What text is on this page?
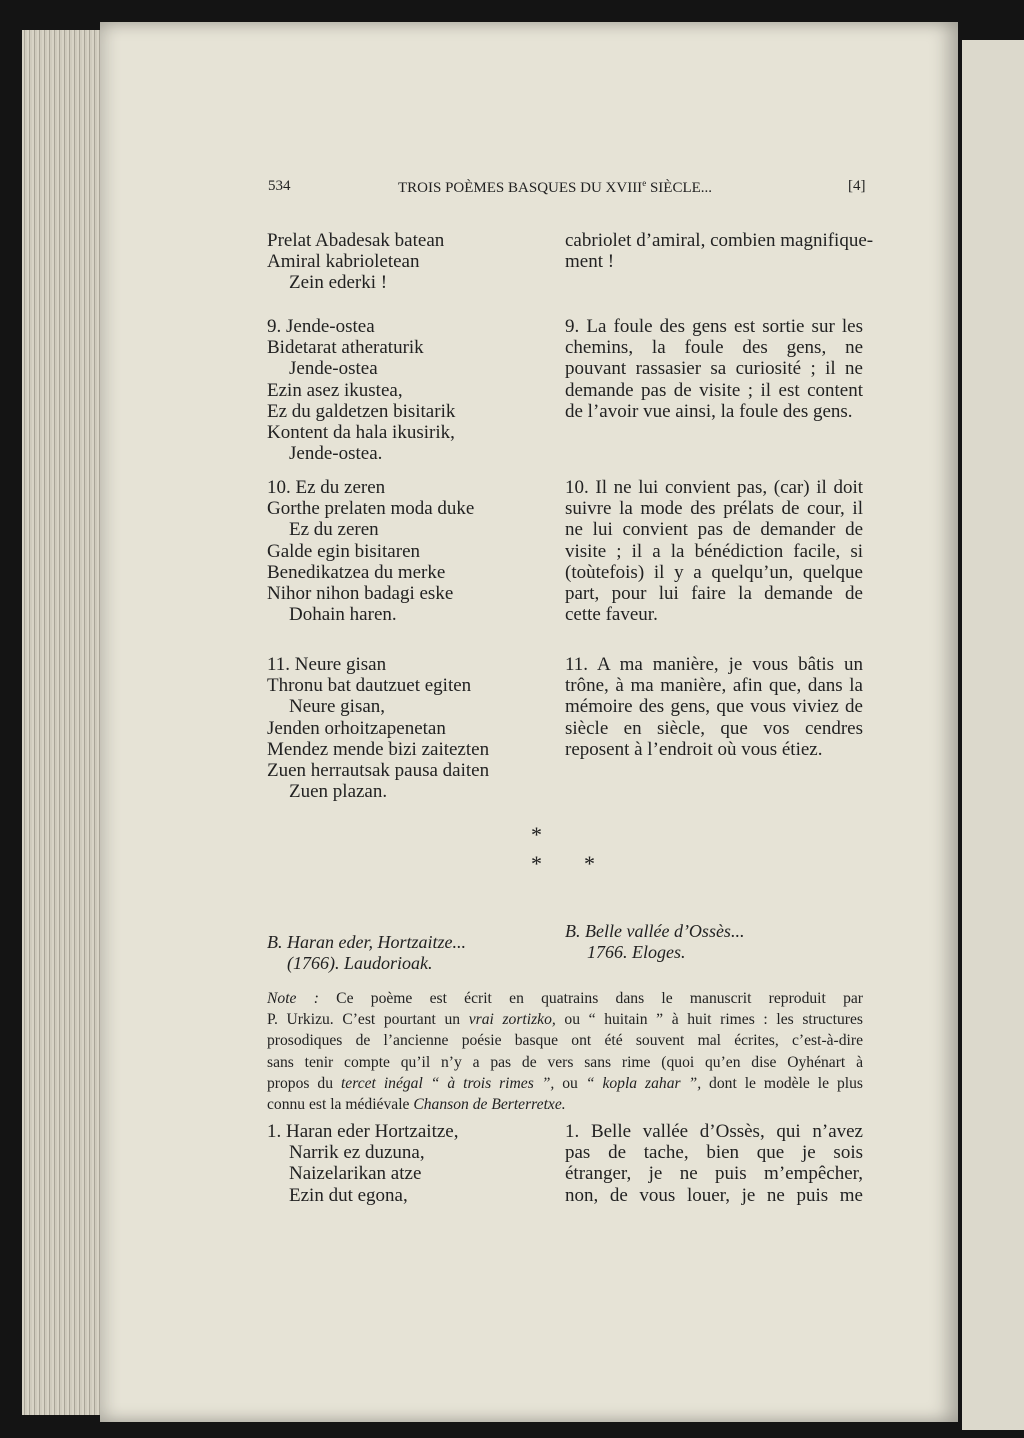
534	TROIS POÈMES BASQUES DU XVIIIe SIÈCLE...	[4]
Prelat Abadesak batean
Amiral kabrioletean
Zein ederki !
cabriolet d’amiral, combien magnifique-
ment !
9. Jende-ostea
Bidetarat atheraturik
Jende-ostea
Ezin asez ikustea,
Ez du galdetzen bisitarik
Kontent da hala ikusirik,
Jende-ostea.
9. La foule des gens est sortie sur les
chemins, la foule des gens, ne
pouvant rassasier sa curiosité ; il ne
demande pas de visite ; il est content
de l’avoir vue ainsi, la foule des gens.
10. Ez du zeren
Gorthe prelaten moda duke
Ez du zeren
Galde egin bisitaren
Benedikatzea du merke
Nihor nihon badagi eske
Dohain haren.
10. Il ne lui convient pas, (car) il doit
suivre la mode des prélats de cour, il
ne lui convient pas de demander de
visite ; il a la bénédiction facile, si
(toùtefois) il y a quelqu’un, quelque
part, pour lui faire la demande de
cette faveur.
11. Neure gisan
Thronu bat dautzuet egiten
Neure gisan,
Jenden orhoitzapenetan
Mendez mende bizi zaitezten
Zuen herrautsak pausa daiten
Zuen plazan.
11. A ma manière, je vous bâtis un
trône, à ma manière, afin que, dans la
mémoire des gens, que vous viviez de
siècle en siècle, que vos cendres
reposent à l’endroit où vous étiez.
1. Haran eder Hortzaitze,
Narrik ez duzuna,
Naizelarikan atze
Ezin dut egona,
1. Belle vallée d’Ossès, qui n’avez
pas de tache, bien que je sois
étranger, je ne puis m’empêcher,
non, de vous louer, je ne puis me
*
* *
B. Haran eder, Hortzaitze...
(1766). Laudorioak.
B. Belle vallée d’Ossès...
1766. Eloges.
Note : Ce poème est écrit en quatrains dans le manuscrit reproduit par
P. Urkizu. C’est pourtant un vrai zortizko, ou “ huitain ” à huit rimes : les structures
prosodiques de l’ancienne poésie basque ont été souvent mal écrites, c’est-à-dire
sans tenir compte qu’il n’y a pas de vers sans rime (quoi qu’en dise Oyhénart à
propos du tercet inégal “ à trois rimes ”, ou “ kopla zahar ”, dont le modèle le plus
connu est la médiévale Chanson de Berterretxe.
